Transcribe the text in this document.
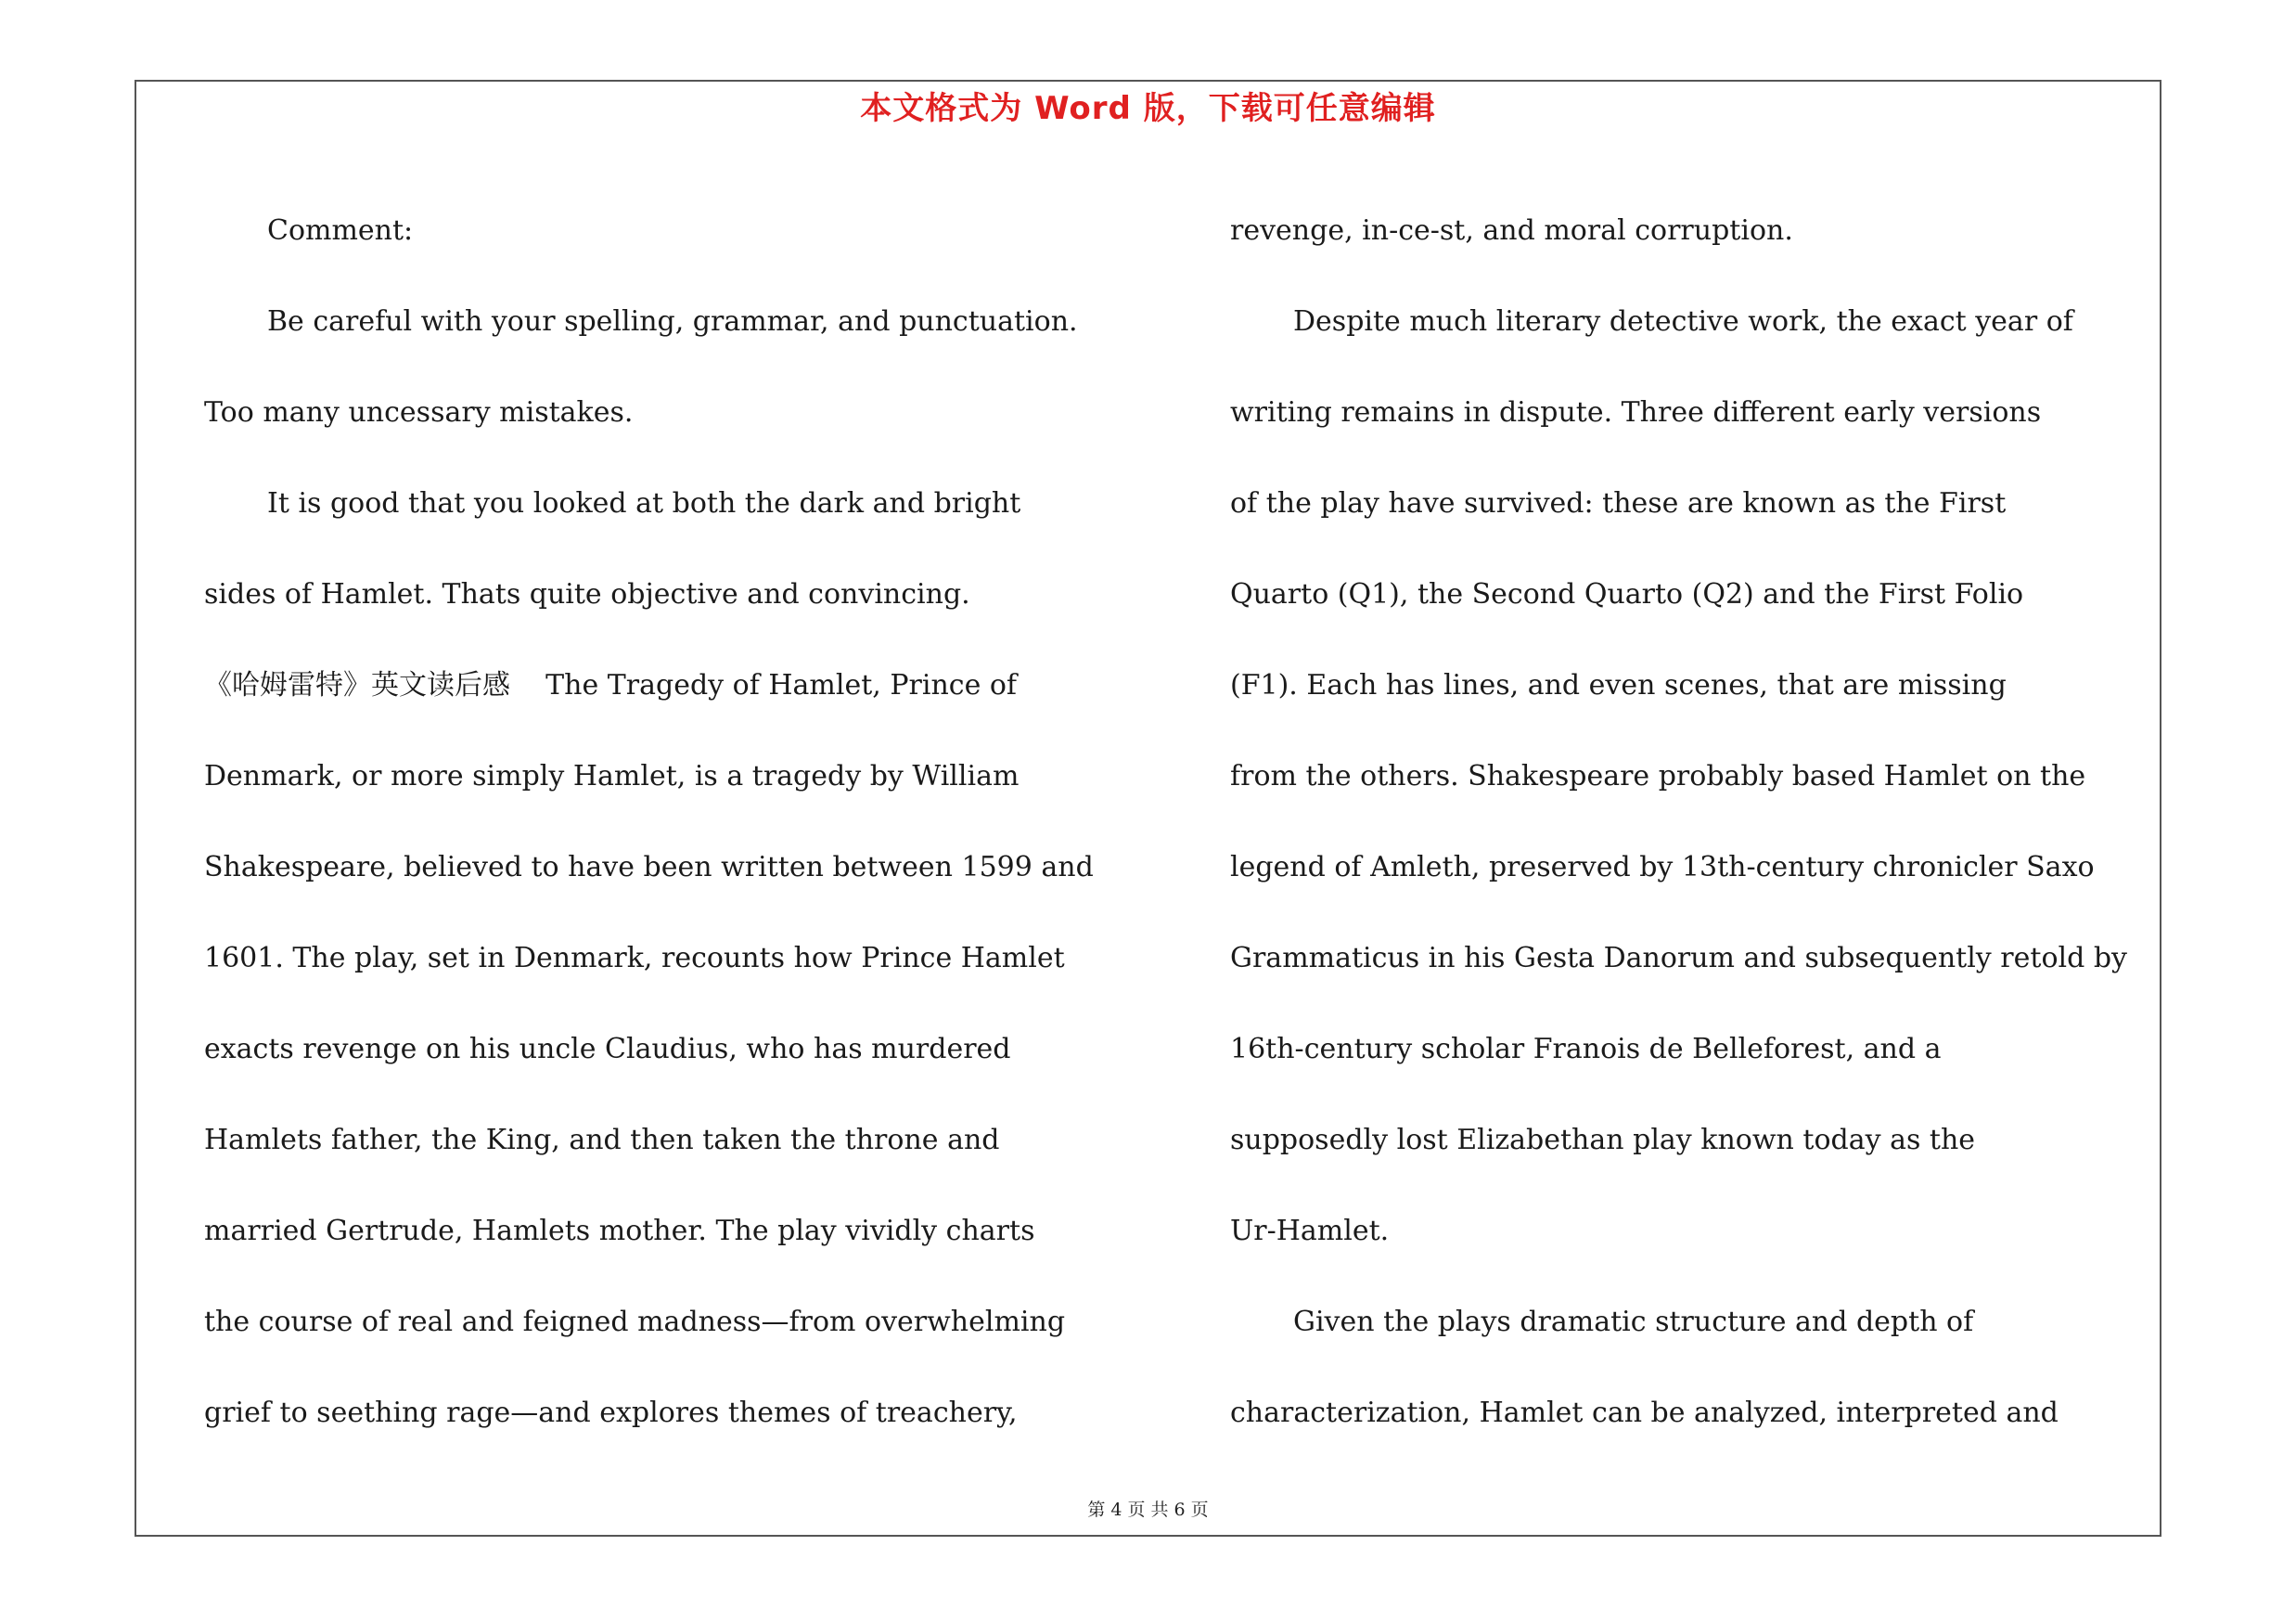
本文格式为 Word 版，下载可任意编辑
Comment:
Be careful with your spelling, grammar, and punctuation.
Too many uncessary mistakes.
It is good that you looked at both the dark and bright
sides of Hamlet. Thats quite objective and convincing.
《哈姆雷特》英文读后感    The Tragedy of Hamlet, Prince of
Denmark, or more simply Hamlet, is a tragedy by William
Shakespeare, believed to have been written between 1599 and
1601. The play, set in Denmark, recounts how Prince Hamlet
exacts revenge on his uncle Claudius, who has murdered
Hamlets father, the King, and then taken the throne and
married Gertrude, Hamlets mother. The play vividly charts
the course of real and feigned madness—from overwhelming
grief to seething rage—and explores themes of treachery,
revenge, in-ce-st, and moral corruption.
Despite much literary detective work, the exact year of
writing remains in dispute. Three different early versions
of the play have survived: these are known as the First
Quarto (Q1), the Second Quarto (Q2) and the First Folio
(F1). Each has lines, and even scenes, that are missing
from the others. Shakespeare probably based Hamlet on the
legend of Amleth, preserved by 13th-century chronicler Saxo
Grammaticus in his Gesta Danorum and subsequently retold by
16th-century scholar Franois de Belleforest, and a
supposedly lost Elizabethan play known today as the
Ur-Hamlet.
Given the plays dramatic structure and depth of
characterization, Hamlet can be analyzed, interpreted and
第 4 页 共 6 页
